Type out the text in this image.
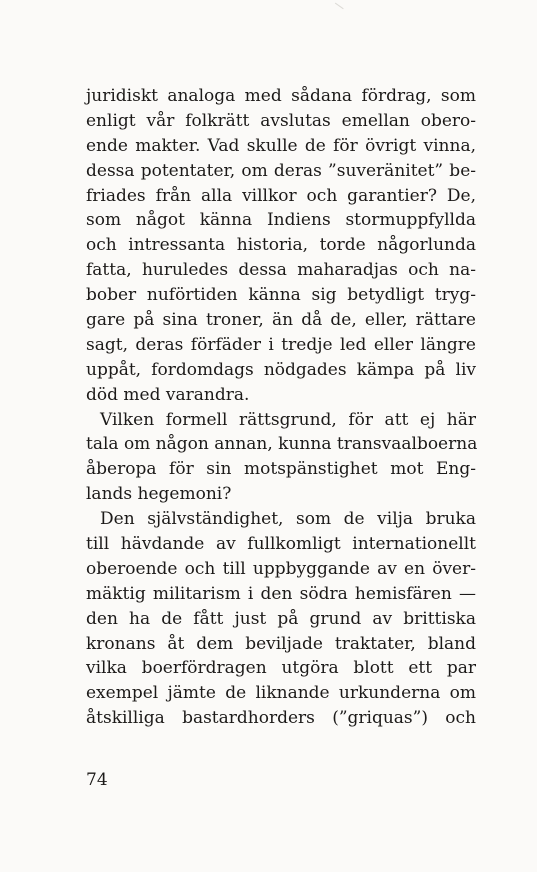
juridiskt analoga med sådana fördrag, som
enligt vår folkrätt avslutas emellan obero-
ende makter. Vad skulle de för övrigt vinna,
dessa potentater, om deras ”suveränitet” be-
friades från alla villkor och garantier? De,
som något känna Indiens stormuppfyllda
och intressanta historia, torde någorlunda
fatta, huruledes dessa maharadjas och na-
bober nuförtiden känna sig betydligt tryg-
gare på sina troner, än då de, eller, rättare
sagt, deras förfäder i tredje led eller längre
uppåt, fordomdags nödgades kämpa på liv
död med varandra.
Vilken formell rättsgrund, för att ej här
tala om någon annan, kunna transvaalboerna
åberopa för sin motspänstighet mot Eng-
lands hegemoni?
Den självständighet, som de vilja bruka
till hävdande av fullkomligt internationellt
oberoende och till uppbyggande av en över-
mäktig militarism i den södra hemisfären —
den ha de fått just på grund av brittiska
kronans åt dem beviljade traktater, bland
vilka boerfördragen utgöra blott ett par
exempel jämte de liknande urkunderna om
åtskilliga bastardhorders (”griquas”) och
74
